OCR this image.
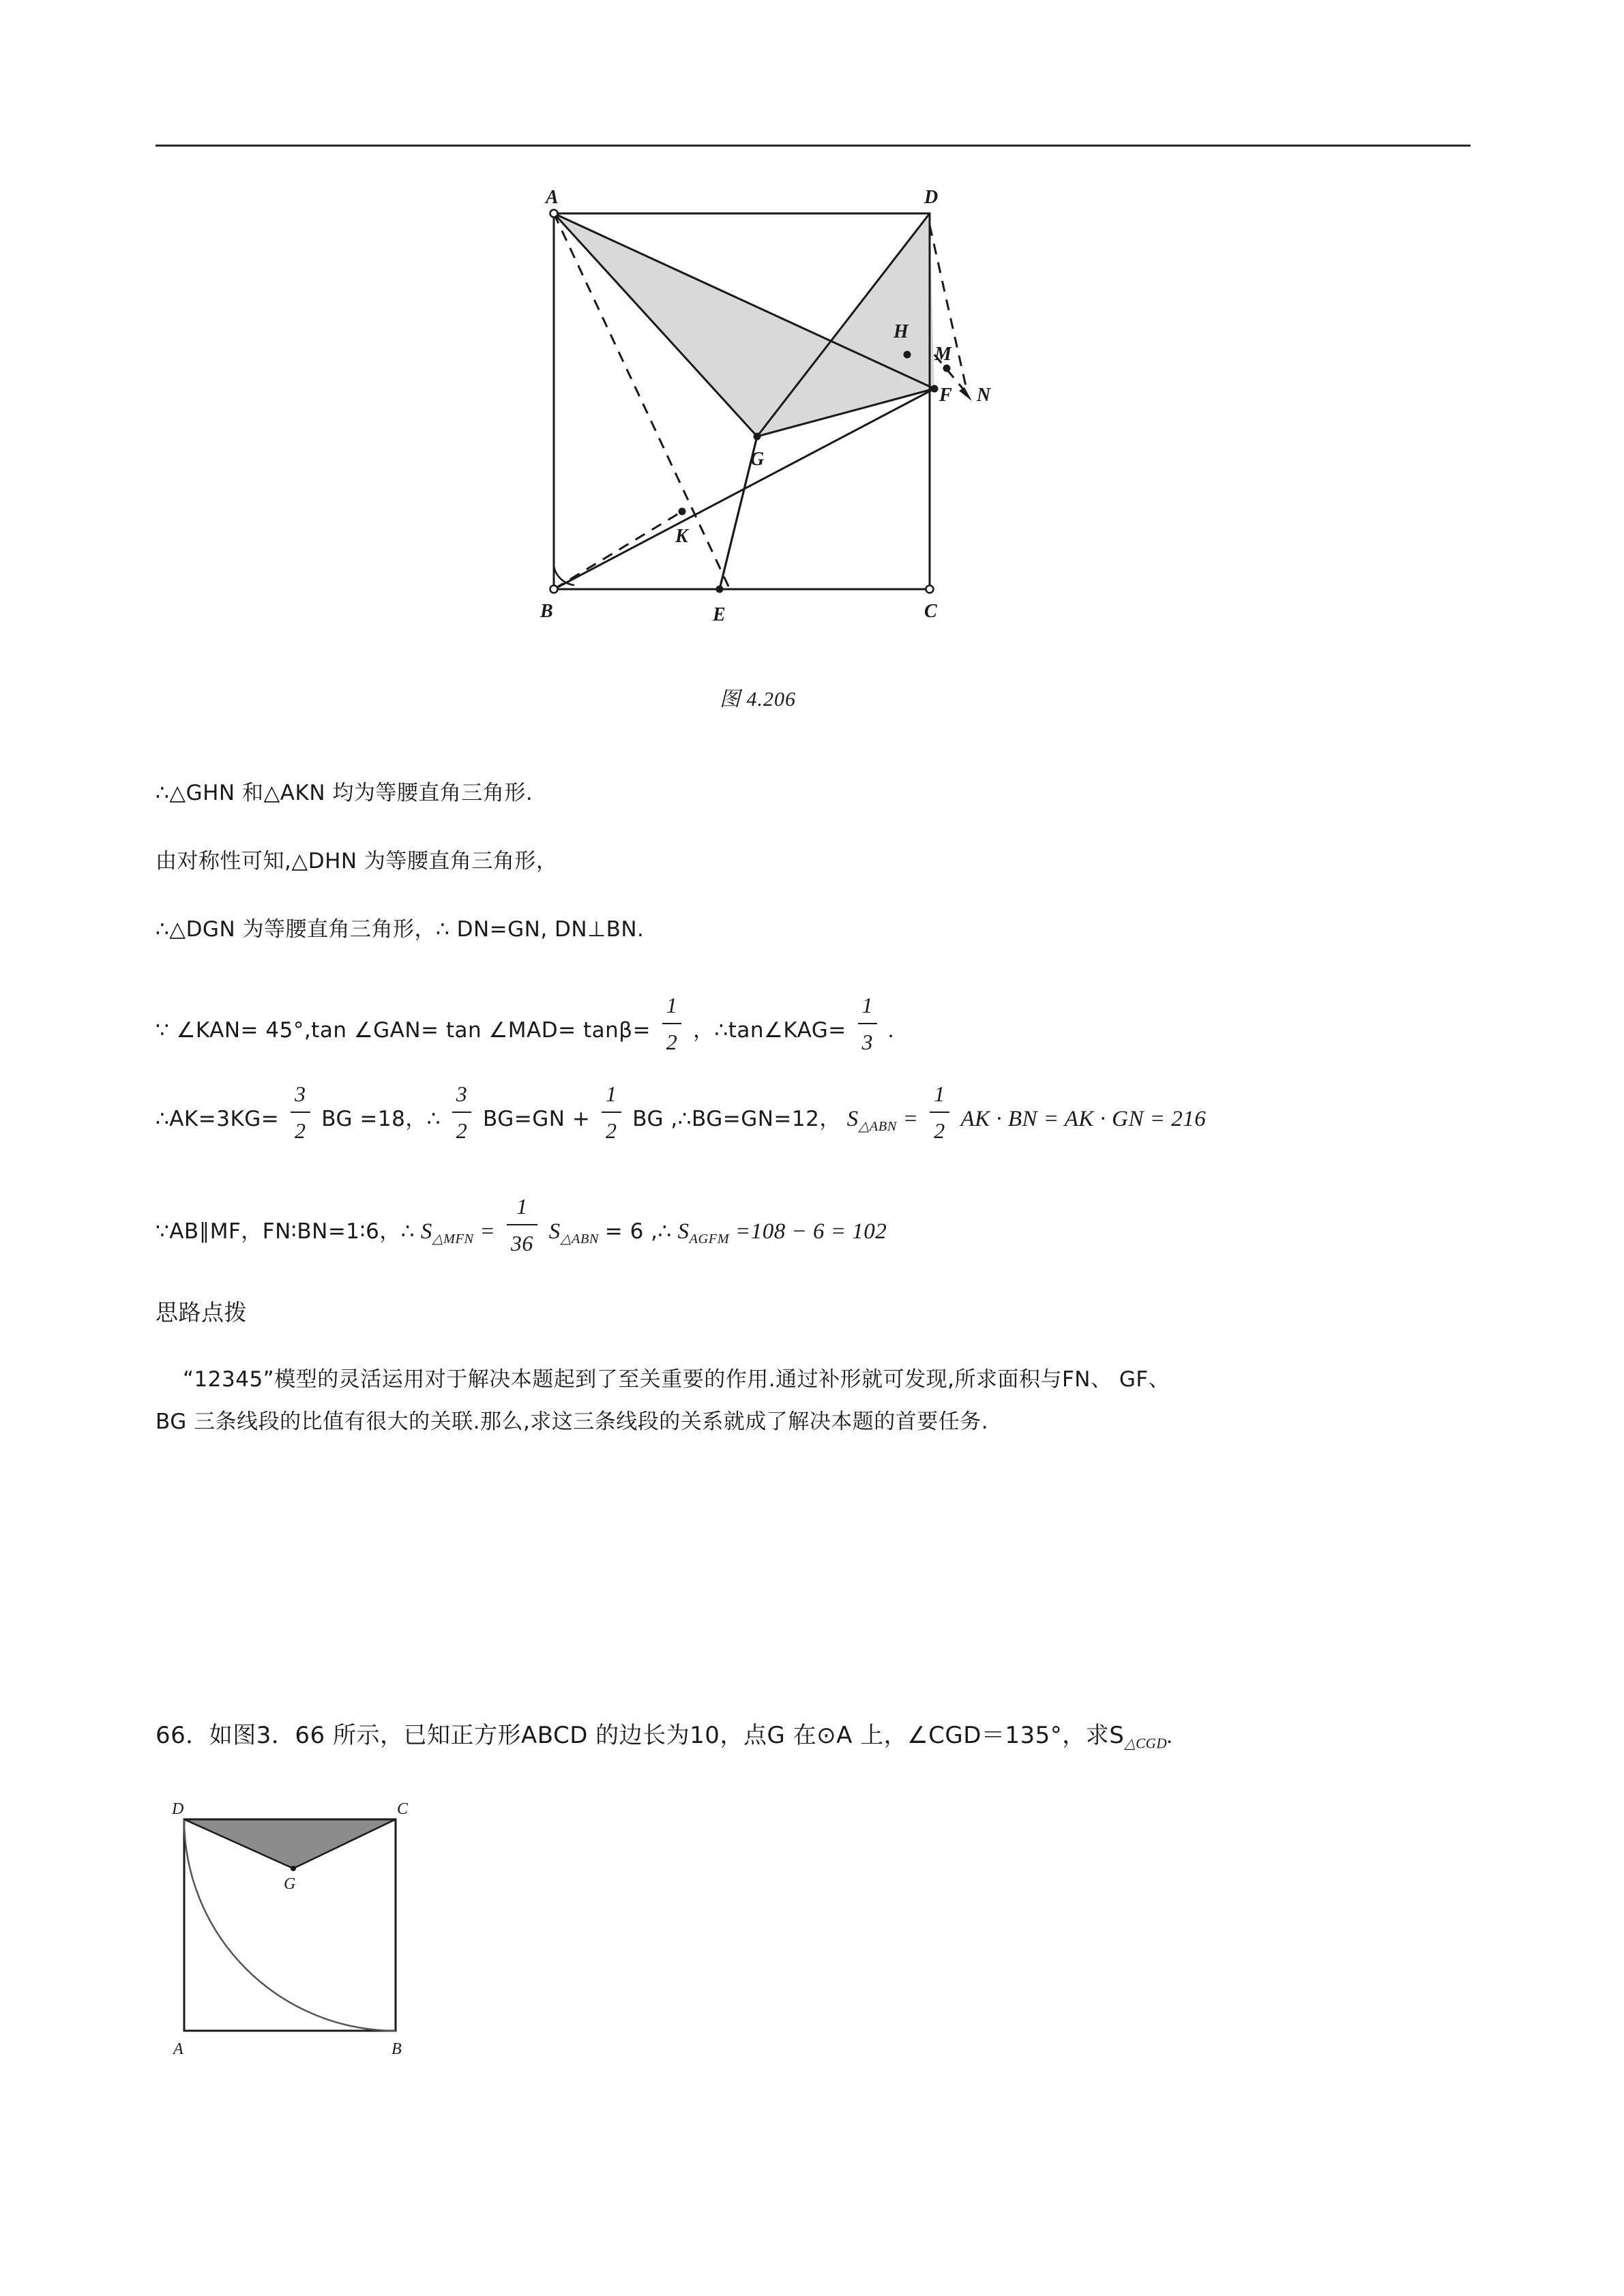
A	D
H
M
N
F
G
K
B	E	C
图 4.206
∴△GHN 和△AKN 均为等腰直角三角形.
由对称性可知,△DHN 为等腰直角三角形，
∴△DGN 为等腰直角三角形，∴ DN=GN, DN⊥BN.
∵ ∠KAN= 45°,tan ∠GAN= tan ∠MAD= $\tan\beta= \frac{1}{2}$ ，∴tan∠KAG= $\frac{1}{3}$ .
∴AK=3KG= $\frac{3}{2}$ BG =18，∴ $\frac{3}{2} BG=GN + \frac{1}{2}$ BG ,∴BG=GN=12， $S_{\triangle ABN} = \frac{1}{2}$ AK · BN = AK · GN = 216
∵AB∥MF，FN∶BN=1∶6，∴ $S_{\triangle MFN} = \frac{1}{36} S_{\triangle ABN} = 6$ ,∴ $S_{AGFM} =108 - 6 = 102$
思路点拨
“12345”模型的灵活运用对于解决本题起到了至关重要的作用.通过补形就可发现,所求面积与FN、 GF、
BG 三条线段的比值有很大的关联.那么,求这三条线段的关系就成了解决本题的首要任务.
66．如图3．66 所示，已知正方形ABCD 的边长为10，点G 在⊙A 上，∠CGD＝135°，求$S_{\triangle CGD}$.
D	C
G
A	B
